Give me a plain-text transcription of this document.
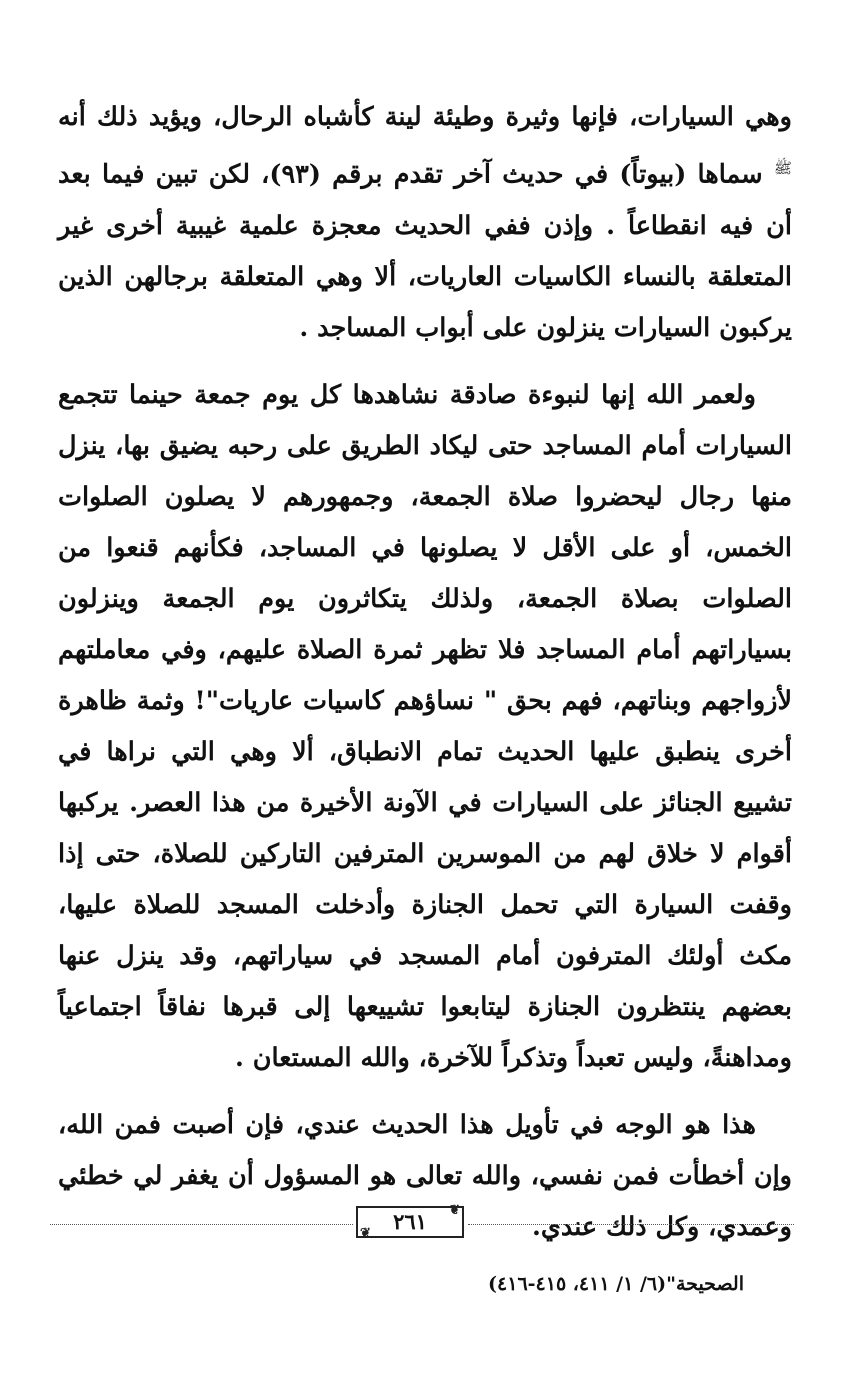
وهي السيارات، فإنها وثيرة وطيئة لينة كأشباه الرحال، ويؤيد ذلك أنه $^ﷺ$ سماها (بيوتاً) في حديث آخر تقدم برقم (٩٣)، لكن تبين فيما بعد أن فيه انقطاعاً . وإذن ففي الحديث معجزة علمية غيبية أخرى غير المتعلقة بالنساء الكاسيات العاريات، ألا وهي المتعلقة برجالهن الذين يركبون السيارات ينزلون على أبواب المساجد .

ولعمر الله إنها لنبوءة صادقة نشاهدها كل يوم جمعة حينما تتجمع السيارات أمام المساجد حتى ليكاد الطريق على رحبه يضيق بها، ينزل منها رجال ليحضروا صلاة الجمعة، وجمهورهم لا يصلون الصلوات الخمس، أو على الأقل لا يصلونها في المساجد، فكأنهم قنعوا من الصلوات بصلاة الجمعة، ولذلك يتكاثرون يوم الجمعة وينزلون بسياراتهم أمام المساجد فلا تظهر ثمرة الصلاة عليهم، وفي معاملتهم لأزواجهم وبناتهم، فهم بحق " نساؤهم كاسيات عاريات"! وثمة ظاهرة أخرى ينطبق عليها الحديث تمام الانطباق، ألا وهي التي نراها في تشييع الجنائز على السيارات في الآونة الأخيرة من هذا العصر. يركبها أقوام لا خلاق لهم من الموسرين المترفين التاركين للصلاة، حتى إذا وقفت السيارة التي تحمل الجنازة وأدخلت المسجد للصلاة عليها، مكث أولئك المترفون أمام المسجد في سياراتهم، وقد ينزل عنها بعضهم ينتظرون الجنازة ليتابعوا تشييعها إلى قبرها نفاقاً اجتماعياً ومداهنةً، وليس تعبداً وتذكراً للآخرة، والله المستعان .

هذا هو الوجه في تأويل هذا الحديث عندي، فإن أصبت فمن الله، وإن أخطأت فمن نفسي، والله تعالى هو المسؤول أن يغفر لي خطئي وعمدي، وكل ذلك عندي.

الصحيحة"(٦/ ١/ ٤١١، ٤١٥-٤١٦)
❦
٢٦١
❦
